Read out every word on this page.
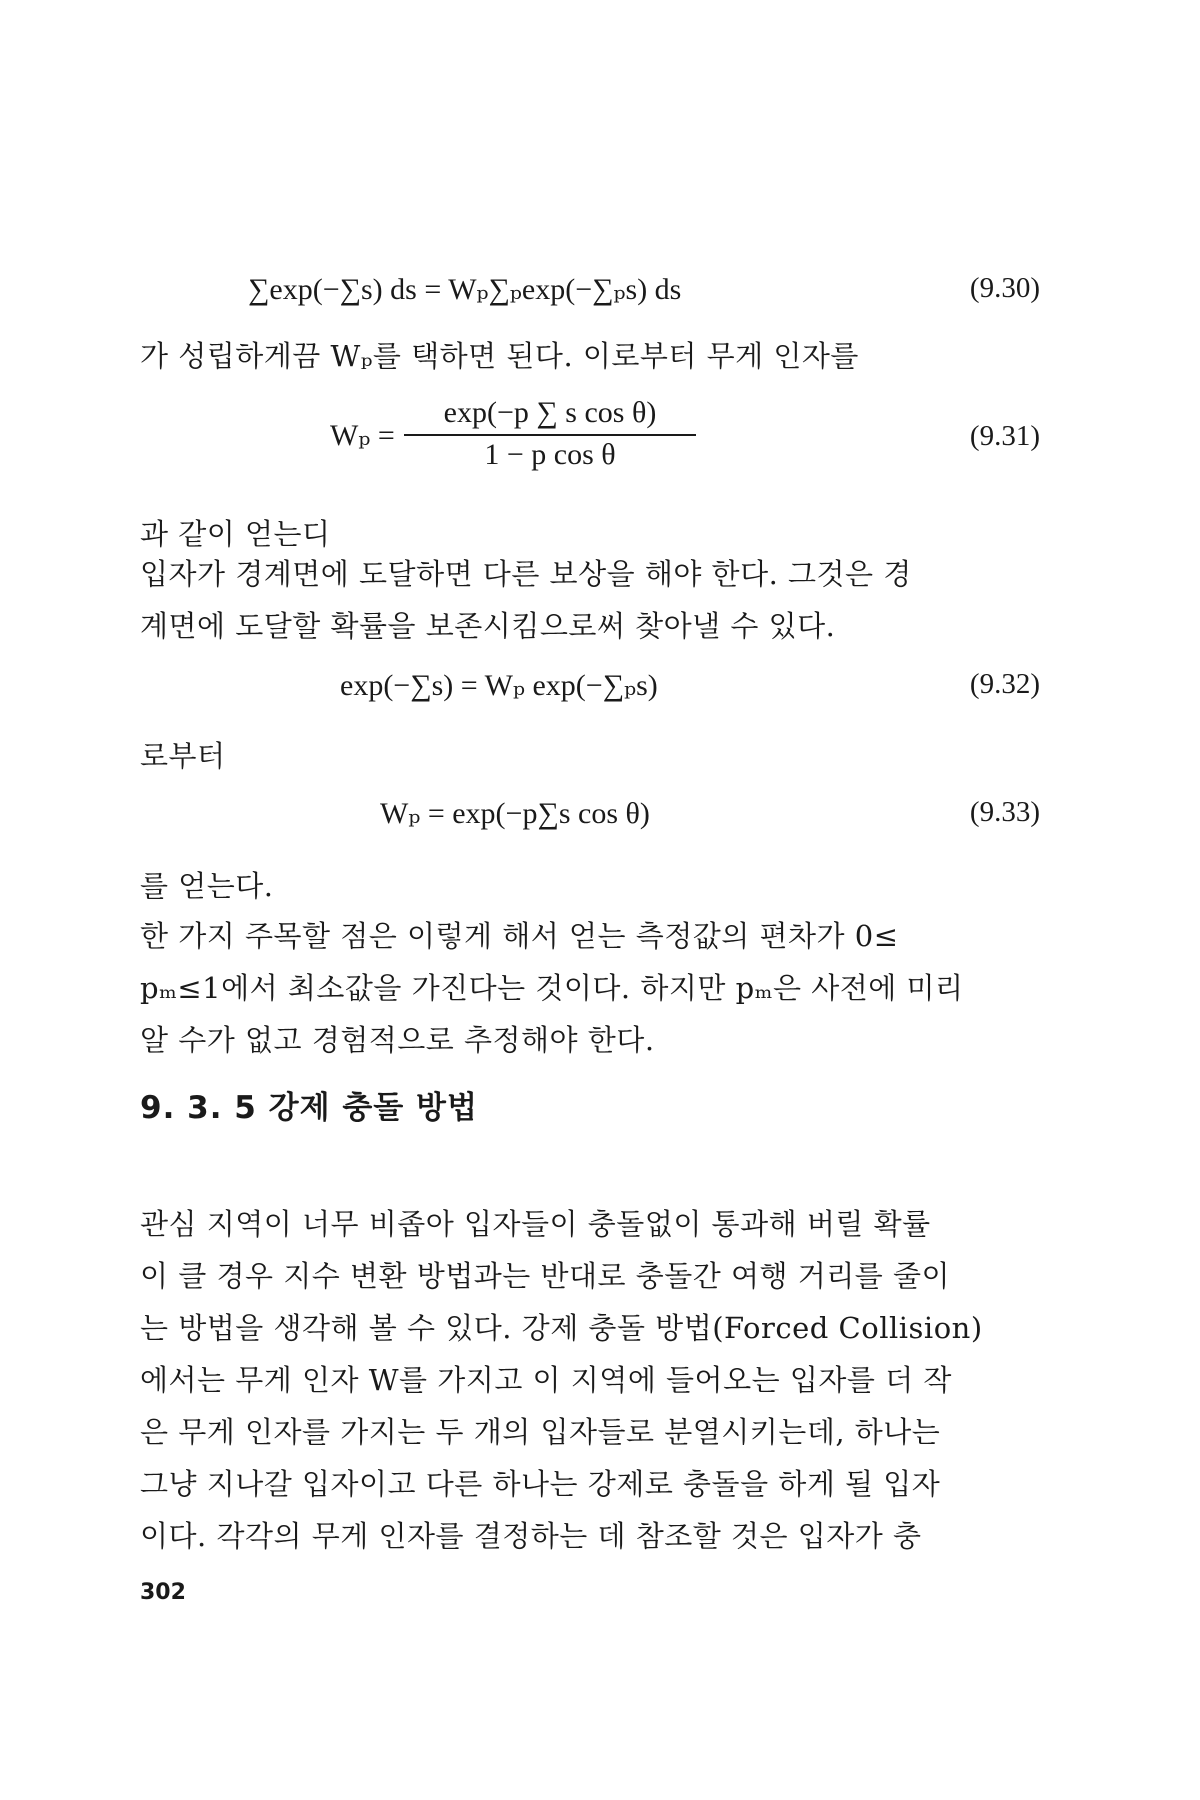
∑exp(−∑s) ds = Wₚ∑ₚexp(−∑ₚs) ds	(9.30)

가 성립하게끔 Wₚ를 택하면 된다. 이로부터 무게 인자를

Wₚ =
exp(−p ∑ s cos θ)
1 − p cos θ
(9.31)

과 같이 얻는디

입자가 경계면에 도달하면 다른 보상을 해야 한다. 그것은 경
계면에 도달할 확률을 보존시킴으로써 찾아낼 수 있다.
exp(−∑s) = Wₚ exp(−∑ₚs)	(9.32)

로부터

Wₚ = exp(−p∑s cos θ)	(9.33)

를 얻는다.

한 가지 주목할 점은 이렇게 해서 얻는 측정값의 편차가 0≤
pₘ≤1에서 최소값을 가진다는 것이다. 하지만 pₘ은 사전에 미리
알 수가 없고 경험적으로 추정해야 한다.
9. 3. 5 강제 충돌 방법
관심 지역이 너무 비좁아 입자들이 충돌없이 통과해 버릴 확률
이 클 경우 지수 변환 방법과는 반대로 충돌간 여행 거리를 줄이
는 방법을 생각해 볼 수 있다. 강제 충돌 방법(Forced Collision)
에서는 무게 인자 W를 가지고 이 지역에 들어오는 입자를 더 작
은 무게 인자를 가지는 두 개의 입자들로 분열시키는데, 하나는
그냥 지나갈 입자이고 다른 하나는 강제로 충돌을 하게 될 입자
이다. 각각의 무게 인자를 결정하는 데 참조할 것은 입자가 충
302
